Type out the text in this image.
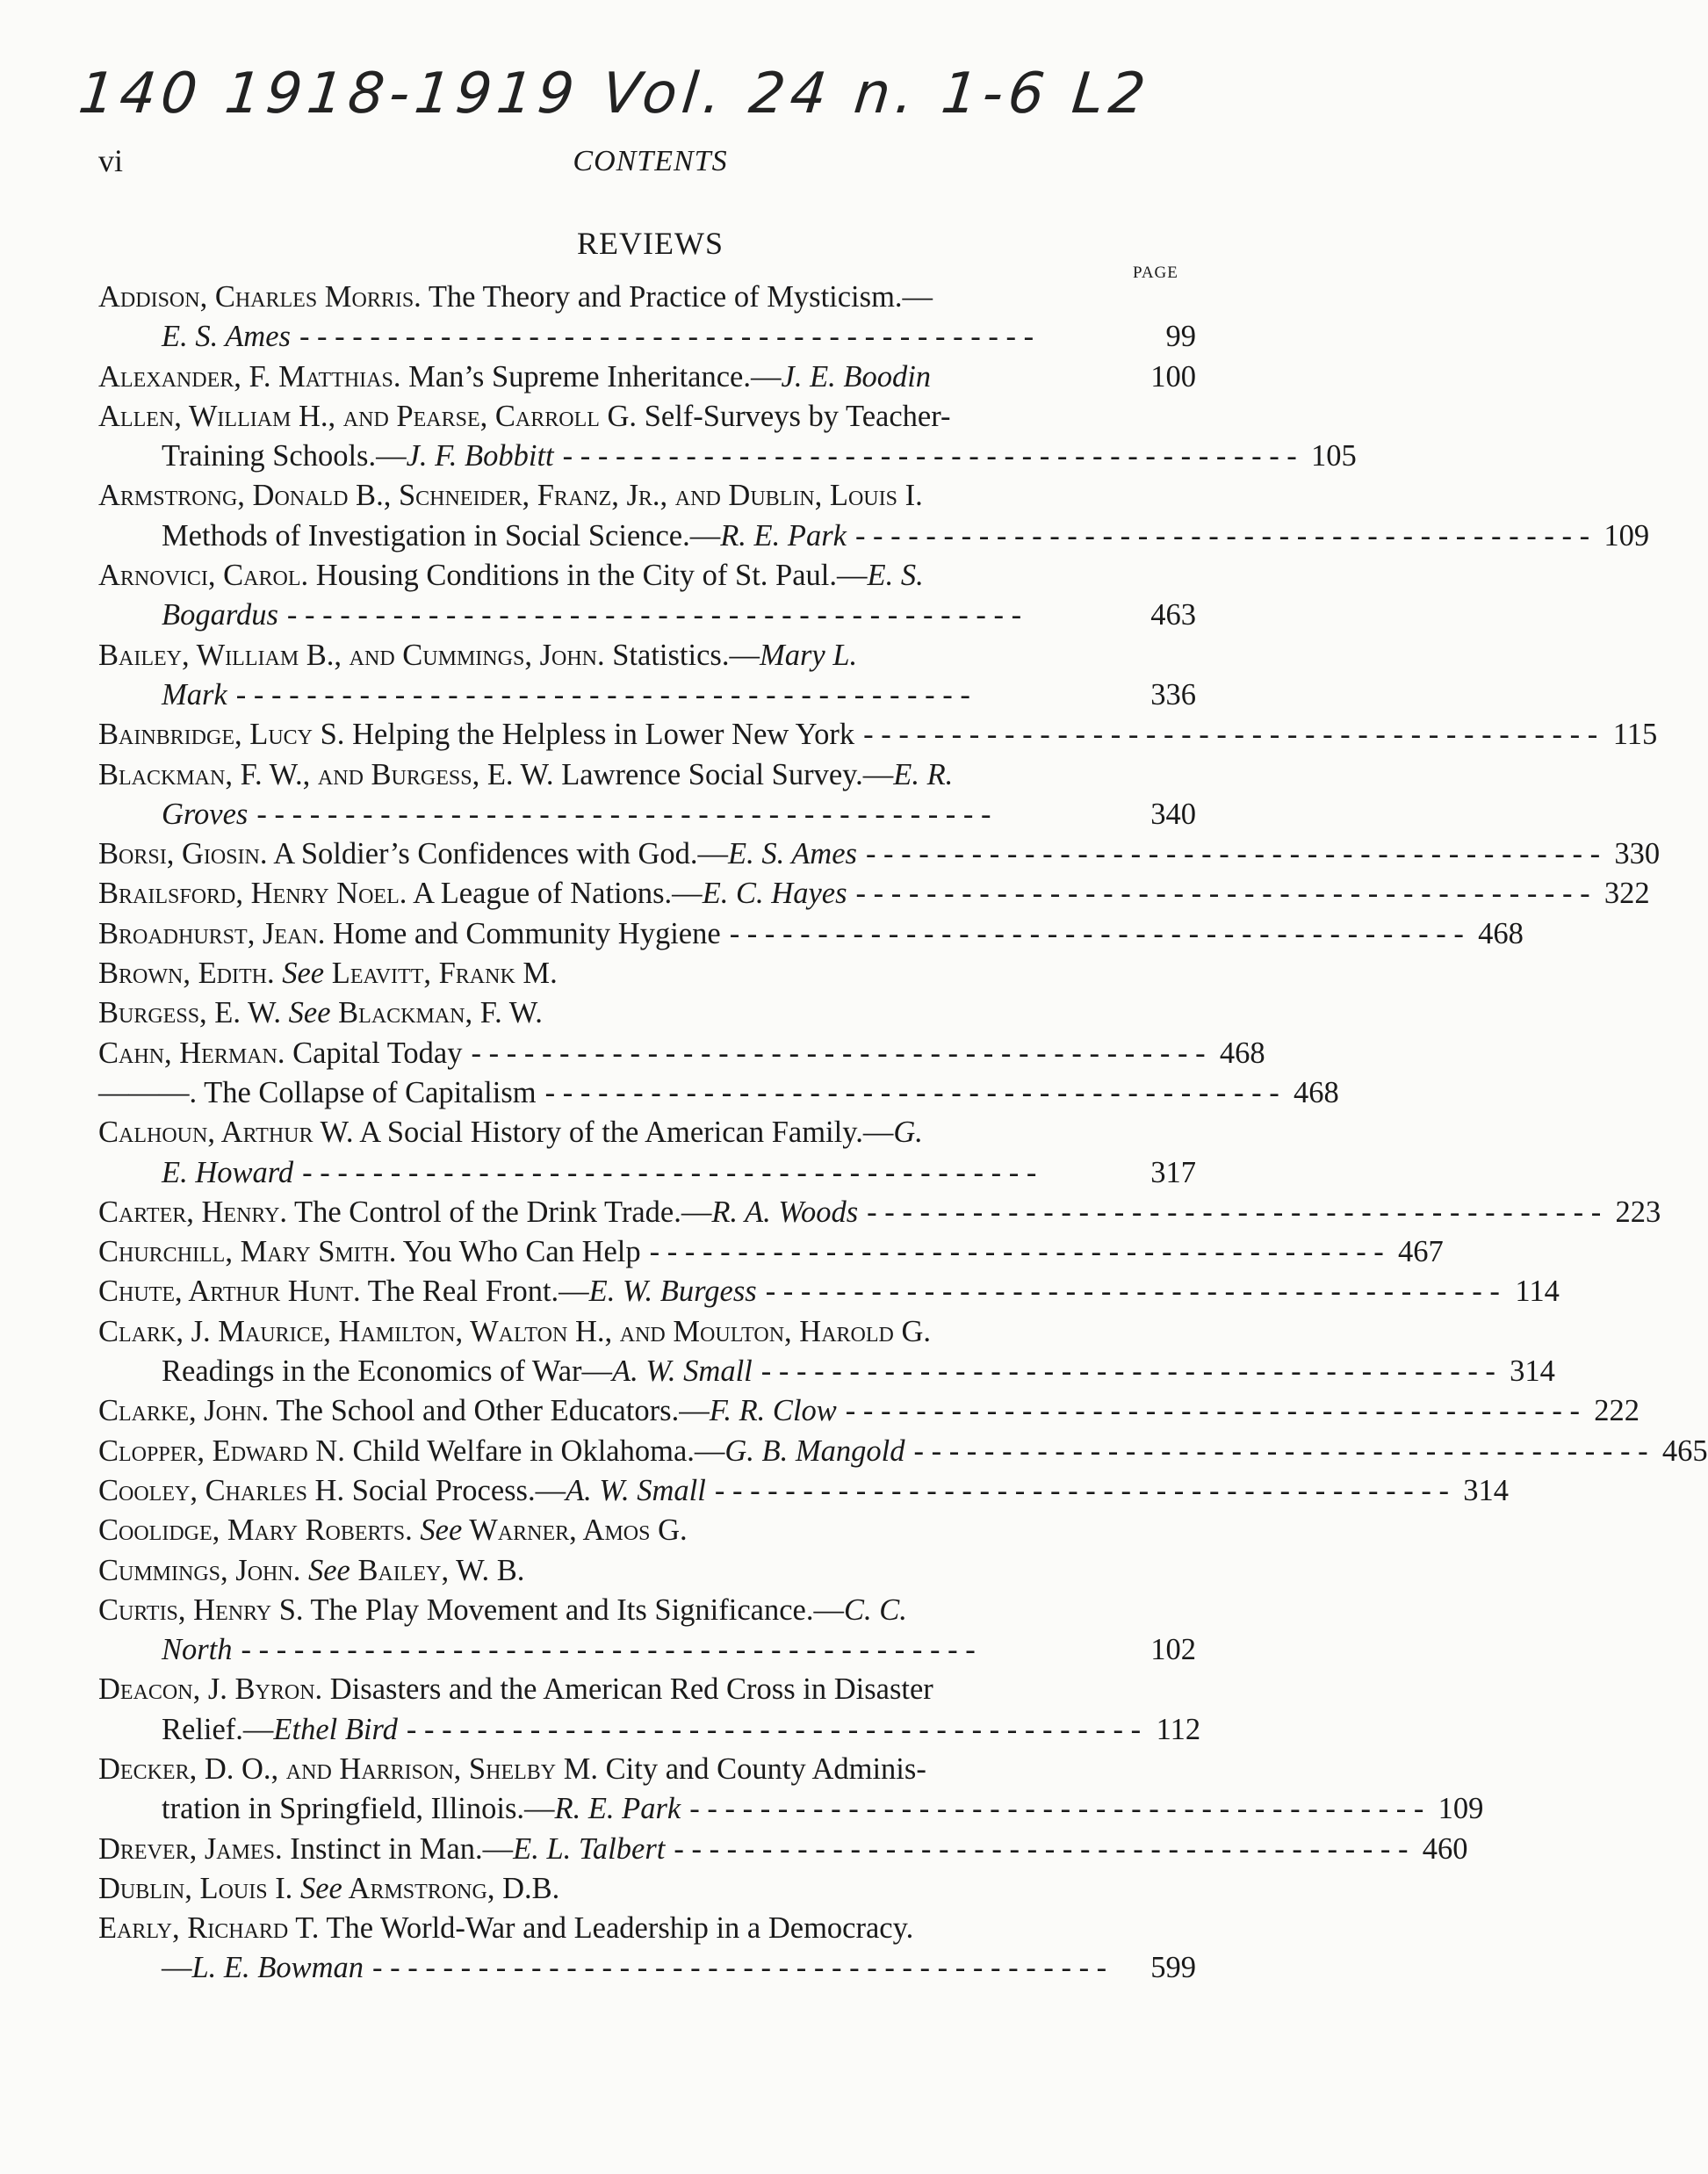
140 1918-1919 Vol. 24 n. 1-6 L2
vi	CONTENTS
REVIEWS
PAGE
Addison, Charles Morris. The Theory and Practice of Mysticism.—
E. S. Ames - - - - - - - - - - - - - - - - - - - - - - - - - - - - - - - - - - - - - - - - - -	99
Alexander, F. Matthias. Man’s Supreme Inheritance.—J. E. Boodin	100
Allen, William H., and Pearse, Carroll G. Self-Surveys by Teacher-
Training Schools.—J. F. Bobbitt - - - - - - - - - - - - - - - - - - - - - - - - - - - - - - - - - - - - - - - - - - 105
Armstrong, Donald B., Schneider, Franz, Jr., and Dublin, Louis I.
Methods of Investigation in Social Science.—R. E. Park - - - - - - - - - - - - - - - - - - - - - - - - - - - - - - - - - - - - - - - - - - 109
Arnovici, Carol. Housing Conditions in the City of St. Paul.—E. S.
Bogardus - - - - - - - - - - - - - - - - - - - - - - - - - - - - - - - - - - - - - - - - - -	463
Bailey, William B., and Cummings, John. Statistics.—Mary L.
Mark - - - - - - - - - - - - - - - - - - - - - - - - - - - - - - - - - - - - - - - - - -	336
Bainbridge, Lucy S. Helping the Helpless in Lower New York - - - - - - - - - - - - - - - - - - - - - - - - - - - - - - - - - - - - - - - - - - 115
Blackman, F. W., and Burgess, E. W. Lawrence Social Survey.—E. R.
Groves - - - - - - - - - - - - - - - - - - - - - - - - - - - - - - - - - - - - - - - - - -	340
Borsi, Giosin. A Soldier’s Confidences with God.—E. S. Ames - - - - - - - - - - - - - - - - - - - - - - - - - - - - - - - - - - - - - - - - - - 330
Brailsford, Henry Noel. A League of Nations.—E. C. Hayes - - - - - - - - - - - - - - - - - - - - - - - - - - - - - - - - - - - - - - - - - - 322
Broadhurst, Jean. Home and Community Hygiene - - - - - - - - - - - - - - - - - - - - - - - - - - - - - - - - - - - - - - - - - - 468
Brown, Edith. See Leavitt, Frank M.
Burgess, E. W. See Blackman, F. W.
Cahn, Herman. Capital Today - - - - - - - - - - - - - - - - - - - - - - - - - - - - - - - - - - - - - - - - - - 468
———. The Collapse of Capitalism - - - - - - - - - - - - - - - - - - - - - - - - - - - - - - - - - - - - - - - - - - 468
Calhoun, Arthur W. A Social History of the American Family.—G.
E. Howard - - - - - - - - - - - - - - - - - - - - - - - - - - - - - - - - - - - - - - - - - -	317
Carter, Henry. The Control of the Drink Trade.—R. A. Woods - - - - - - - - - - - - - - - - - - - - - - - - - - - - - - - - - - - - - - - - - - 223
Churchill, Mary Smith. You Who Can Help - - - - - - - - - - - - - - - - - - - - - - - - - - - - - - - - - - - - - - - - - - 467
Chute, Arthur Hunt. The Real Front.—E. W. Burgess - - - - - - - - - - - - - - - - - - - - - - - - - - - - - - - - - - - - - - - - - - 114
Clark, J. Maurice, Hamilton, Walton H., and Moulton, Harold G.
Readings in the Economics of War—A. W. Small - - - - - - - - - - - - - - - - - - - - - - - - - - - - - - - - - - - - - - - - - - 314
Clarke, John. The School and Other Educators.—F. R. Clow - - - - - - - - - - - - - - - - - - - - - - - - - - - - - - - - - - - - - - - - - - 222
Clopper, Edward N. Child Welfare in Oklahoma.—G. B. Mangold - - - - - - - - - - - - - - - - - - - - - - - - - - - - - - - - - - - - - - - - - - 465
Cooley, Charles H. Social Process.—A. W. Small - - - - - - - - - - - - - - - - - - - - - - - - - - - - - - - - - - - - - - - - - - 314
Coolidge, Mary Roberts. See Warner, Amos G.
Cummings, John. See Bailey, W. B.
Curtis, Henry S. The Play Movement and Its Significance.—C. C.
North - - - - - - - - - - - - - - - - - - - - - - - - - - - - - - - - - - - - - - - - - -	102
Deacon, J. Byron. Disasters and the American Red Cross in Disaster
Relief.—Ethel Bird - - - - - - - - - - - - - - - - - - - - - - - - - - - - - - - - - - - - - - - - - - 112
Decker, D. O., and Harrison, Shelby M. City and County Adminis-
tration in Springfield, Illinois.—R. E. Park - - - - - - - - - - - - - - - - - - - - - - - - - - - - - - - - - - - - - - - - - - 109
Drever, James. Instinct in Man.—E. L. Talbert - - - - - - - - - - - - - - - - - - - - - - - - - - - - - - - - - - - - - - - - - - 460
Dublin, Louis I. See Armstrong, D.B.
Early, Richard T. The World-War and Leadership in a Democracy.
—L. E. Bowman - - - - - - - - - - - - - - - - - - - - - - - - - - - - - - - - - - - - - - - - - -	599
